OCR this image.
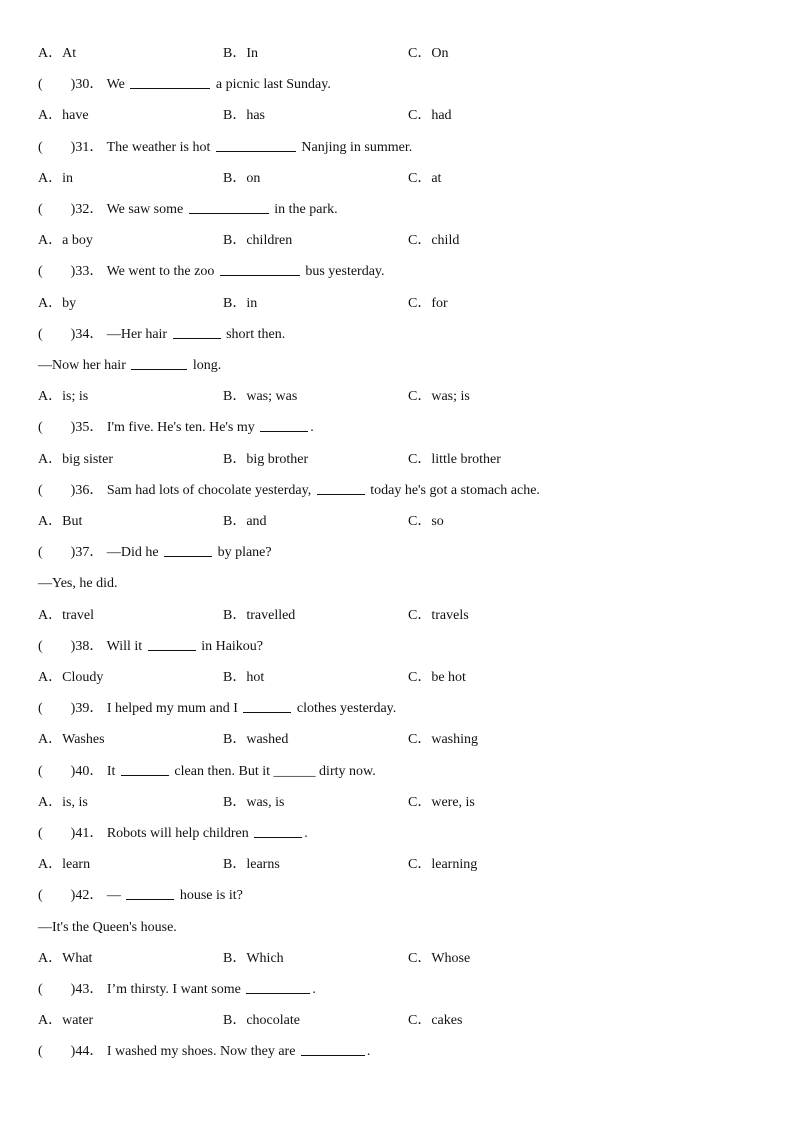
A．At	B．In	C．On
( )30． We	a picnic last Sunday.
A．have	B．has	C．had
( )31． The weather is hot	Nanjing in summer.
A．in	B．on	C．at
( )32． We saw some	in the park.
A．a boy	B．children	C．child
( )33． We went to the zoo	bus yesterday.
A．by	B．in	C．for
( )34． —Her hair	short then.
—Now her hair	long.
A．is; is	B．was; was	C．was; is
( )35． I'm five. He's ten. He's my	.
A．big sister	B．big brother	C．little brother
( )36． Sam had lots of chocolate yesterday,	today he's got a stomach ache.
A．But	B．and	C．so
( )37． —Did he	by plane?
—Yes, he did.
A．travel	B．travelled	C．travels
( )38． Will it	in Haikou?
A．Cloudy	B．hot	C．be hot
( )39． I helped my mum and I	clothes yesterday.
A．Washes	B．washed	C．washing
( )40． It	clean then. But it ______ dirty now.
A．is, is	B．was, is	C．were, is
( )41． Robots will help children	.
A．learn	B．learns	C．learning
( )42． —	house is it?
—It's the Queen's house.
A．What	B．Which	C．Whose
( )43． I’m thirsty. I want some	.
A．water	B．chocolate	C．cakes
( )44． I washed my shoes. Now they are	.
